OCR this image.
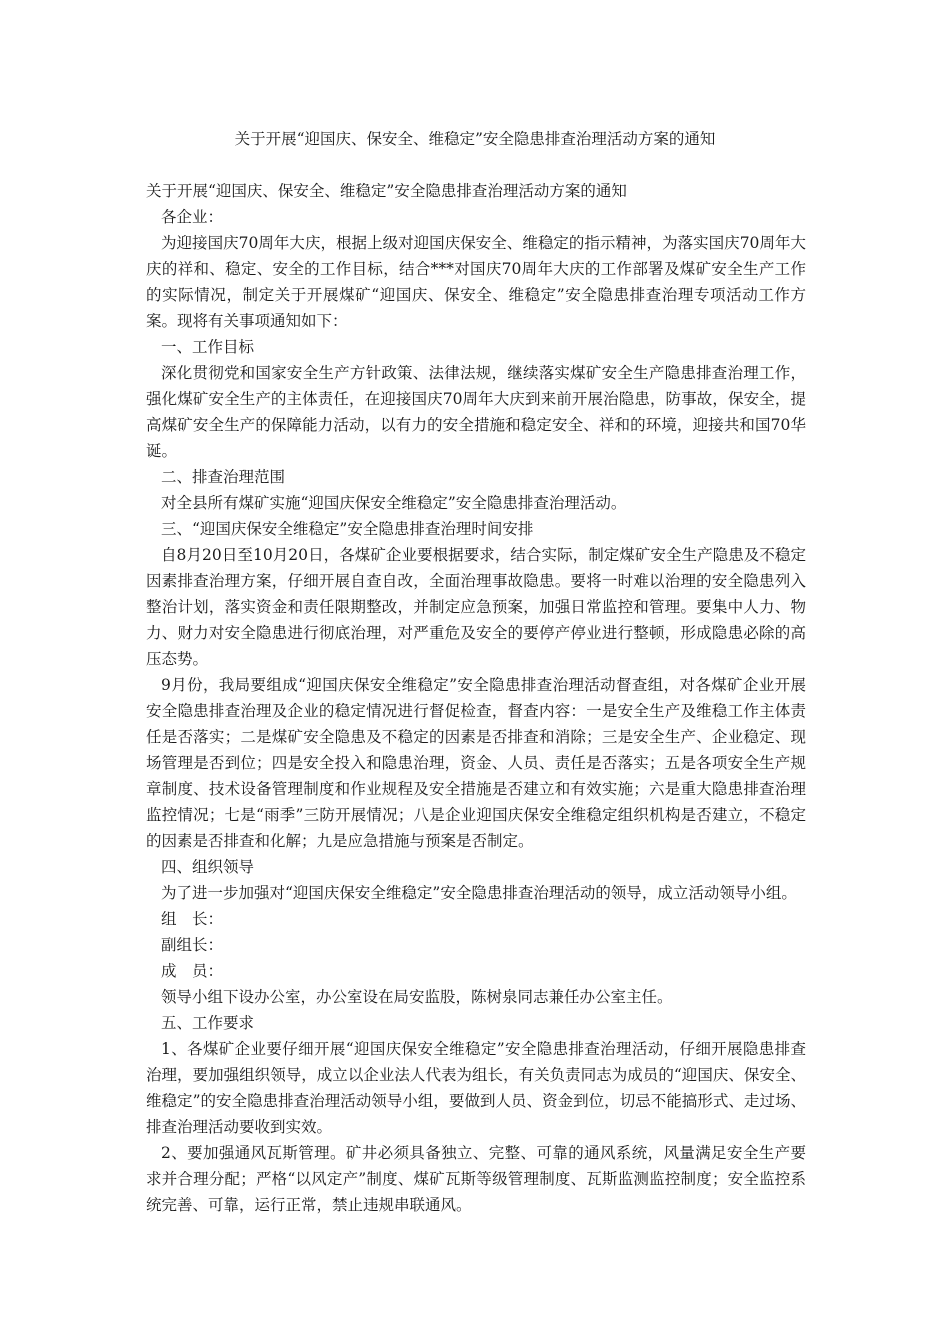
关于开展“迎国庆、保安全、维稳定”安全隐患排查治理活动方案的通知

关于开展“迎国庆、保安全、维稳定”安全隐患排查治理活动方案的通知

各企业：

为迎接国庆70周年大庆，根据上级对迎国庆保安全、维稳定的指示精神，为落实国庆70周年大庆的祥和、稳定、安全的工作目标，结合***对国庆70周年大庆的工作部署及煤矿安全生产工作的实际情况，制定关于开展煤矿“迎国庆、保安全、维稳定”安全隐患排查治理专项活动工作方案。现将有关事项通知如下：

一、工作目标

深化贯彻党和国家安全生产方针政策、法律法规，继续落实煤矿安全生产隐患排查治理工作，强化煤矿安全生产的主体责任，在迎接国庆70周年大庆到来前开展治隐患，防事故，保安全，提高煤矿安全生产的保障能力活动，以有力的安全措施和稳定安全、祥和的环境，迎接共和国70华诞。

二、排查治理范围

对全县所有煤矿实施“迎国庆保安全维稳定”安全隐患排查治理活动。

三、“迎国庆保安全维稳定”安全隐患排查治理时间安排

自8月20日至10月20日，各煤矿企业要根据要求，结合实际，制定煤矿安全生产隐患及不稳定因素排查治理方案，仔细开展自查自改，全面治理事故隐患。要将一时难以治理的安全隐患列入整治计划，落实资金和责任限期整改，并制定应急预案，加强日常监控和管理。要集中人力、物力、财力对安全隐患进行彻底治理，对严重危及安全的要停产停业进行整顿，形成隐患必除的高压态势。

9月份，我局要组成“迎国庆保安全维稳定”安全隐患排查治理活动督查组，对各煤矿企业开展安全隐患排查治理及企业的稳定情况进行督促检查，督查内容：一是安全生产及维稳工作主体责任是否落实；二是煤矿安全隐患及不稳定的因素是否排查和消除；三是安全生产、企业稳定、现场管理是否到位；四是安全投入和隐患治理，资金、人员、责任是否落实；五是各项安全生产规章制度、技术设备管理制度和作业规程及安全措施是否建立和有效实施；六是重大隐患排查治理监控情况；七是“雨季”三防开展情况；八是企业迎国庆保安全维稳定组织机构是否建立，不稳定的因素是否排查和化解；九是应急措施与预案是否制定。

四、组织领导

为了进一步加强对“迎国庆保安全维稳定”安全隐患排查治理活动的领导，成立活动领导小组。

组　长：

副组长：

成　员：

领导小组下设办公室，办公室设在局安监股，陈树泉同志兼任办公室主任。

五、工作要求

1、各煤矿企业要仔细开展“迎国庆保安全维稳定”安全隐患排查治理活动，仔细开展隐患排查治理，要加强组织领导，成立以企业法人代表为组长，有关负责同志为成员的“迎国庆、保安全、维稳定”的安全隐患排查治理活动领导小组，要做到人员、资金到位，切忌不能搞形式、走过场、排查治理活动要收到实效。

2、要加强通风瓦斯管理。矿井必须具备独立、完整、可靠的通风系统，风量满足安全生产要求并合理分配；严格“以风定产”制度、煤矿瓦斯等级管理制度、瓦斯监测监控制度；安全监控系统完善、可靠，运行正常，禁止违规串联通风。
